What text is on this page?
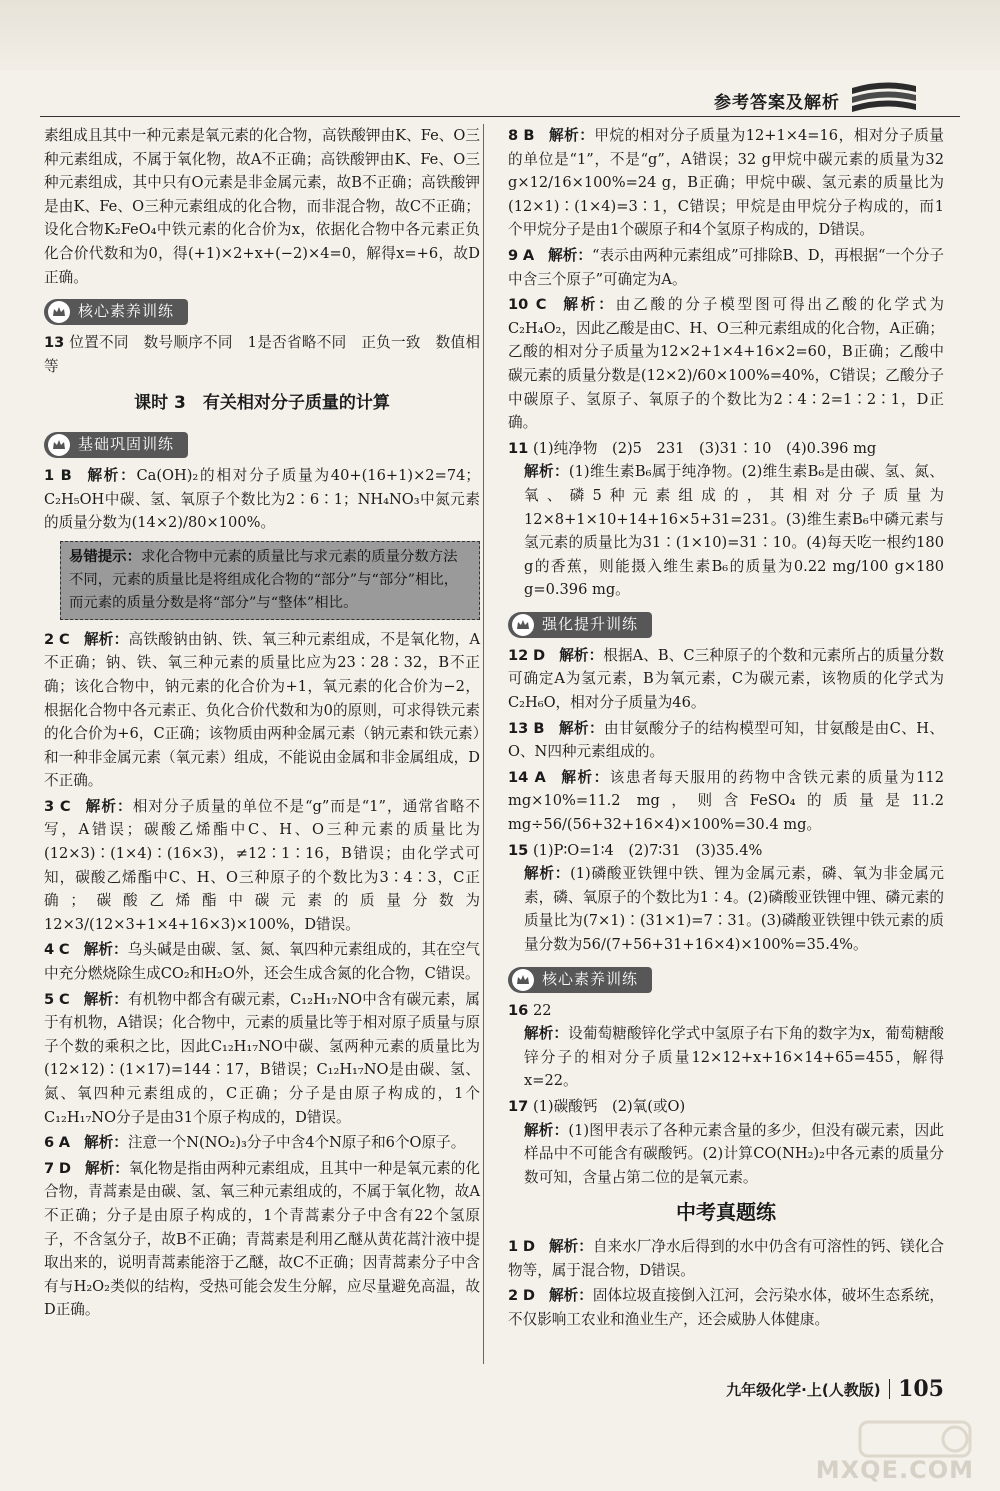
参考答案及解析

素组成且其中一种元素是氧元素的化合物，高铁酸钾由K、Fe、O三种元素组成，不属于氧化物，故A不正确；高铁酸钾由K、Fe、O三种元素组成，其中只有O元素是非金属元素，故B不正确；高铁酸钾是由K、Fe、O三种元素组成的化合物，而非混合物，故C不正确；设化合物K₂FeO₄中铁元素的化合价为x，依据化合物中各元素正负化合价代数和为0，得(+1)×2+x+(−2)×4=0，解得x=+6，故D正确。

核心素养训练

13 位置不同　数号顺序不同　1是否省略不同　正负一致　数值相等

课时 3　有关相对分子质量的计算
基础巩固训练

1 B 解析：Ca(OH)₂的相对分子质量为40+(16+1)×2=74；C₂H₅OH中碳、氢、氧原子个数比为2∶6∶1；NH₄NO₃中氮元素的质量分数为(14×2)/80×100%。

易错提示：求化合物中元素的质量比与求元素的质量分数方法不同，元素的质量比是将组成化合物的“部分”与“部分”相比，而元素的质量分数是将“部分”与“整体”相比。

2 C 解析：高铁酸钠由钠、铁、氧三种元素组成，不是氧化物，A不正确；钠、铁、氧三种元素的质量比应为23∶28∶32，B不正确；该化合物中，钠元素的化合价为+1，氧元素的化合价为−2，根据化合物中各元素正、负化合价代数和为0的原则，可求得铁元素的化合价为+6，C正确；该物质由两种金属元素（钠元素和铁元素）和一种非金属元素（氧元素）组成，不能说由金属和非金属组成，D不正确。

3 C 解析：相对分子质量的单位不是“g”而是“1”，通常省略不写，A错误；碳酸乙烯酯中C、H、O三种元素的质量比为(12×3)∶(1×4)∶(16×3)，≠12∶1∶16，B错误；由化学式可知，碳酸乙烯酯中C、H、O三种原子的个数比为3∶4∶3，C正确；碳酸乙烯酯中碳元素的质量分数为12×3/(12×3+1×4+16×3)×100%，D错误。

4 C 解析：乌头碱是由碳、氢、氮、氧四种元素组成的，其在空气中充分燃烧除生成CO₂和H₂O外，还会生成含氮的化合物，C错误。

5 C 解析：有机物中都含有碳元素，C₁₂H₁₇NO中含有碳元素，属于有机物，A错误；化合物中，元素的质量比等于相对原子质量与原子个数的乘积之比，因此C₁₂H₁₇NO中碳、氢两种元素的质量比为(12×12)∶(1×17)=144∶17，B错误；C₁₂H₁₇NO是由碳、氢、氮、氧四种元素组成的，C正确；分子是由原子构成的，1个C₁₂H₁₇NO分子是由31个原子构成的，D错误。

6 A 解析：注意一个N(NO₂)₃分子中含4个N原子和6个O原子。

7 D 解析：氧化物是指由两种元素组成，且其中一种是氧元素的化合物，青蒿素是由碳、氢、氧三种元素组成的，不属于氧化物，故A不正确；分子是由原子构成的，1个青蒿素分子中含有22个氢原子，不含氢分子，故B不正确；青蒿素是利用乙醚从黄花蒿汁液中提取出来的，说明青蒿素能溶于乙醚，故C不正确；因青蒿素分子中含有与H₂O₂类似的结构，受热可能会发生分解，应尽量避免高温，故D正确。

8 B 解析：甲烷的相对分子质量为12+1×4=16，相对分子质量的单位是“1”，不是“g”，A错误；32 g甲烷中碳元素的质量为32 g×12/16×100%=24 g，B正确；甲烷中碳、氢元素的质量比为(12×1)∶(1×4)=3∶1，C错误；甲烷是由甲烷分子构成的，而1个甲烷分子是由1个碳原子和4个氢原子构成的，D错误。

9 A 解析：“表示由两种元素组成”可排除B、D，再根据“一个分子中含三个原子”可确定为A。

10 C 解析：由乙酸的分子模型图可得出乙酸的化学式为C₂H₄O₂，因此乙酸是由C、H、O三种元素组成的化合物，A正确；乙酸的相对分子质量为12×2+1×4+16×2=60，B正确；乙酸中碳元素的质量分数是(12×2)/60×100%=40%，C错误；乙酸分子中碳原子、氢原子、氧原子的个数比为2∶4∶2=1∶2∶1，D正确。

11 (1)纯净物　(2)5　231　(3)31∶10　(4)0.396 mg
解析：(1)维生素B₆属于纯净物。(2)维生素B₆是由碳、氢、氮、氧、磷5种元素组成的，其相对分子质量为12×8+1×10+14+16×5+31=231。(3)维生素B₆中磷元素与氢元素的质量比为31∶(1×10)=31∶10。(4)每天吃一根约180 g的香蕉，则能摄入维生素B₆的质量为0.22 mg/100 g×180 g=0.396 mg。

强化提升训练

12 D 解析：根据A、B、C三种原子的个数和元素所占的质量分数可确定A为氢元素，B为氧元素，C为碳元素，该物质的化学式为C₂H₆O，相对分子质量为46。

13 B 解析：由甘氨酸分子的结构模型可知，甘氨酸是由C、H、O、N四种元素组成的。

14 A 解析：该患者每天服用的药物中含铁元素的质量为112 mg×10%=11.2 mg，则含FeSO₄的质量是11.2 mg÷56/(56+32+16×4)×100%=30.4 mg。

15 (1)P∶O=1∶4　(2)7∶31　(3)35.4%
解析：(1)磷酸亚铁锂中铁、锂为金属元素，磷、氧为非金属元素，磷、氧原子的个数比为1∶4。(2)磷酸亚铁锂中锂、磷元素的质量比为(7×1)∶(31×1)=7∶31。(3)磷酸亚铁锂中铁元素的质量分数为56/(7+56+31+16×4)×100%=35.4%。

核心素养训练

16 22
解析：设葡萄糖酸锌化学式中氢原子右下角的数字为x，葡萄糖酸锌分子的相对分子质量12×12+x+16×14+65=455，解得x=22。

17 (1)碳酸钙　(2)氧(或O)
解析：(1)图甲表示了各种元素含量的多少，但没有碳元素，因此样品中不可能含有碳酸钙。(2)计算CO(NH₂)₂中各元素的质量分数可知，含量占第二位的是氧元素。

中考真题练

1 D 解析：自来水厂净水后得到的水中仍含有可溶性的钙、镁化合物等，属于混合物，D错误。

2 D 解析：固体垃圾直接倒入江河，会污染水体，破坏生态系统，不仅影响工农业和渔业生产，还会威胁人体健康。

九年级化学·上(人教版) 105
MXQE.COM
